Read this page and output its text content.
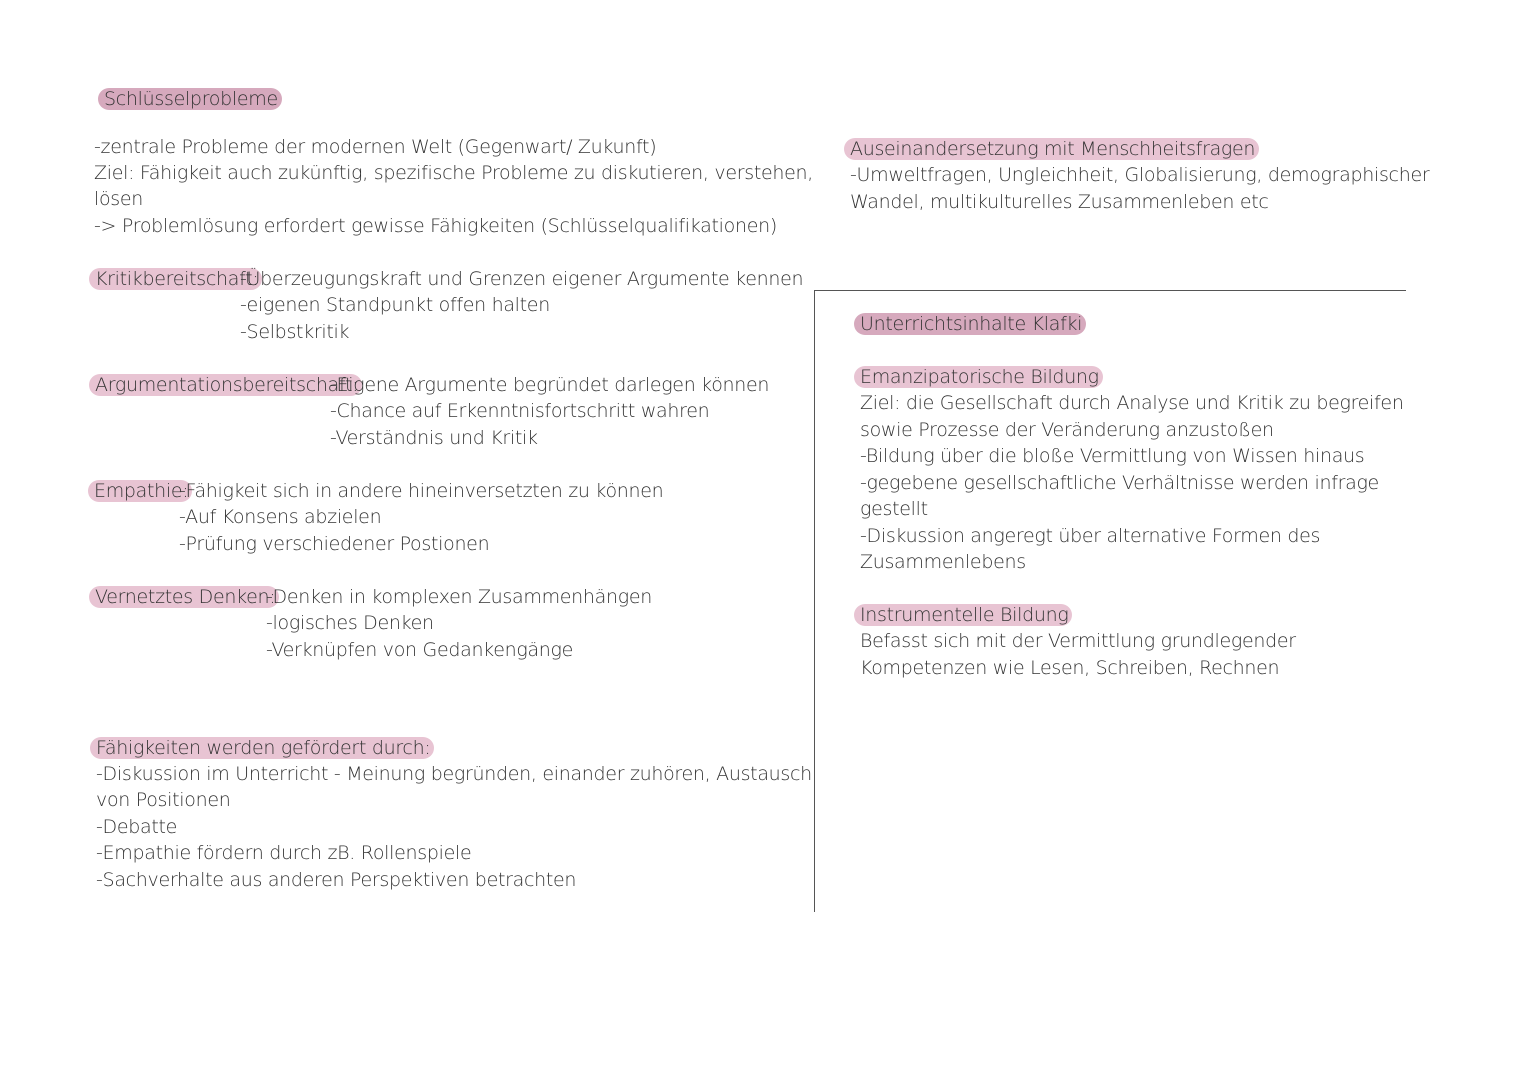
Schlüsselprobleme
-zentrale Probleme der modernen Welt (Gegenwart/ Zukunft)
Ziel: Fähigkeit auch zukünftig, spezifische Probleme zu diskutieren, verstehen,
lösen
-> Problemlösung erfordert gewisse Fähigkeiten (Schlüsselqualifikationen)
Kritikbereitschaft:
-Überzeugungskraft und Grenzen eigener Argumente kennen
-eigenen Standpunkt offen halten
-Selbstkritik
Argumentationsbereitschaft:
-Eigene Argumente begründet darlegen können
-Chance auf Erkenntnisfortschritt wahren
-Verständnis und Kritik
Empathie:
-Fähigkeit sich in andere hineinversetzten zu können
-Auf Konsens abzielen
-Prüfung verschiedener Postionen
Vernetztes Denken:
-Denken in komplexen Zusammenhängen
-logisches Denken
-Verknüpfen von Gedankengänge
Fähigkeiten werden gefördert durch:
-Diskussion im Unterricht - Meinung begründen, einander zuhören, Austausch
von Positionen
-Debatte
-Empathie fördern durch zB. Rollenspiele
-Sachverhalte aus anderen Perspektiven betrachten
Auseinandersetzung mit Menschheitsfragen
-Umweltfragen, Ungleichheit, Globalisierung, demographischer
Wandel, multikulturelles Zusammenleben etc
Unterrichtsinhalte Klafki
Emanzipatorische Bildung
Ziel: die Gesellschaft durch Analyse und Kritik zu begreifen
sowie Prozesse der Veränderung anzustoßen
-Bildung über die bloße Vermittlung von Wissen hinaus
-gegebene gesellschaftliche Verhältnisse werden infrage
gestellt
-Diskussion angeregt über alternative Formen des
Zusammenlebens
Instrumentelle Bildung
Befasst sich mit der Vermittlung grundlegender
Kompetenzen wie Lesen, Schreiben, Rechnen
